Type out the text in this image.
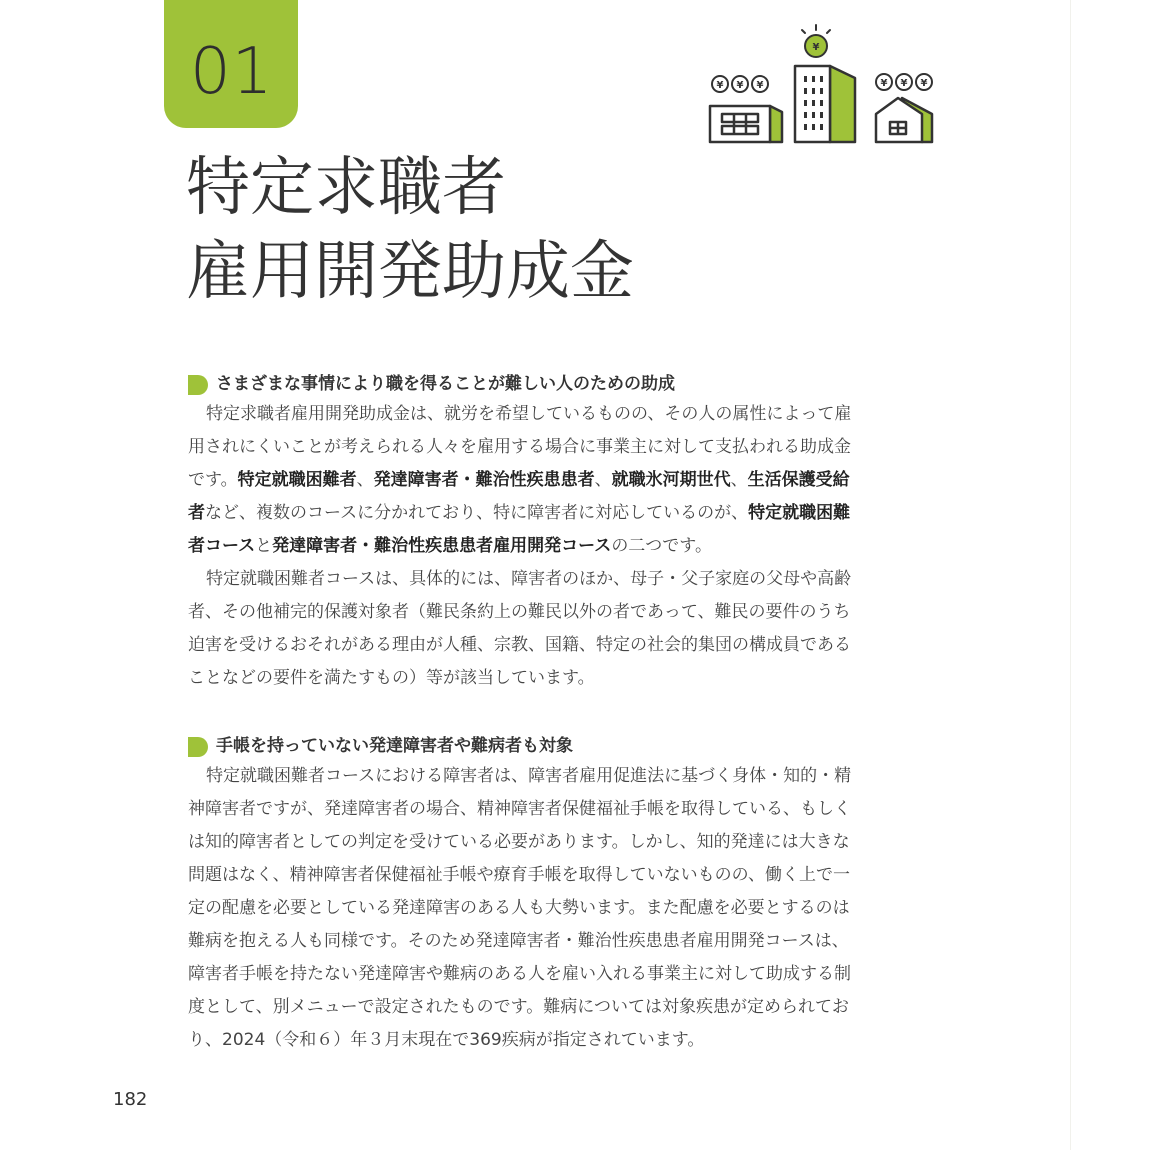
01
特定求職者
雇用開発助成金
¥
¥ ¥ ¥	¥ ¥ ¥
さまざまな事情により職を得ることが難しい人のための助成
特定求職者雇用開発助成金は、就労を希望しているものの、その人の属性によって雇
用されにくいことが考えられる人々を雇用する場合に事業主に対して支払われる助成金
です。特定就職困難者、発達障害者・難治性疾患患者、就職氷河期世代、生活保護受給
者など、複数のコースに分かれており、特に障害者に対応しているのが、特定就職困難
者コースと発達障害者・難治性疾患患者雇用開発コースの二つです。
特定就職困難者コースは、具体的には、障害者のほか、母子・父子家庭の父母や高齢
者、その他補完的保護対象者（難民条約上の難民以外の者であって、難民の要件のうち
迫害を受けるおそれがある理由が人種、宗教、国籍、特定の社会的集団の構成員である
ことなどの要件を満たすもの）等が該当しています。
手帳を持っていない発達障害者や難病者も対象
特定就職困難者コースにおける障害者は、障害者雇用促進法に基づく身体・知的・精
神障害者ですが、発達障害者の場合、精神障害者保健福祉手帳を取得している、もしく
は知的障害者としての判定を受けている必要があります。しかし、知的発達には大きな
問題はなく、精神障害者保健福祉手帳や療育手帳を取得していないものの、働く上で一
定の配慮を必要としている発達障害のある人も大勢います。また配慮を必要とするのは
難病を抱える人も同様です。そのため発達障害者・難治性疾患患者雇用開発コースは、
障害者手帳を持たない発達障害や難病のある人を雇い入れる事業主に対して助成する制
度として、別メニューで設定されたものです。難病については対象疾患が定められてお
り、2024（令和６）年３月末現在で369疾病が指定されています。
182
